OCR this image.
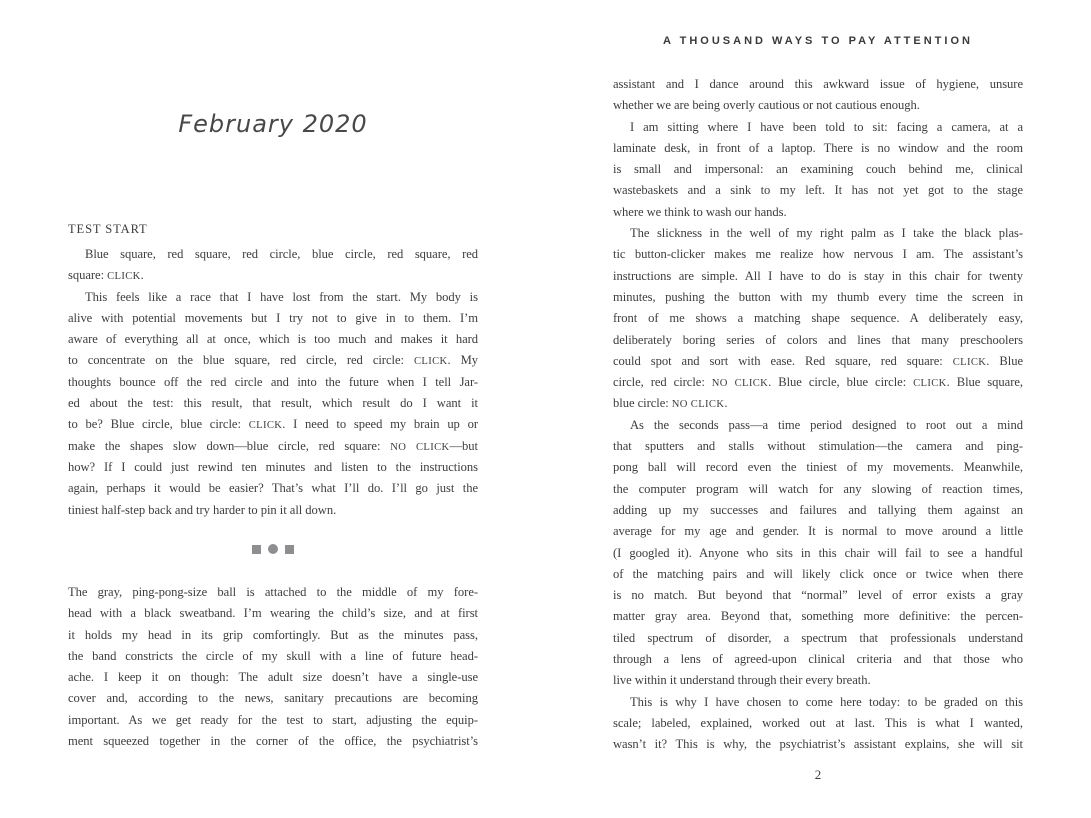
February 2020
TEST START
Blue square, red square, red circle, blue circle, red square, red
square: CLICK.
This feels like a race that I have lost from the start. My body is
alive with potential movements but I try not to give in to them. I’m
aware of everything all at once, which is too much and makes it hard
to concentrate on the blue square, red circle, red circle: CLICK. My
thoughts bounce off the red circle and into the future when I tell Jar-
ed about the test: this result, that result, which result do I want it
to be? Blue circle, blue circle: CLICK. I need to speed my brain up or
make the shapes slow down—blue circle, red square: NO CLICK—but
how? If I could just rewind ten minutes and listen to the instructions
again, perhaps it would be easier? That’s what I’ll do. I’ll go just the
tiniest half-step back and try harder to pin it all down.
The gray, ping-pong-size ball is attached to the middle of my fore-
head with a black sweatband. I’m wearing the child’s size, and at first
it holds my head in its grip comfortingly. But as the minutes pass,
the band constricts the circle of my skull with a line of future head-
ache. I keep it on though: The adult size doesn’t have a single-use
cover and, according to the news, sanitary precautions are becoming
important. As we get ready for the test to start, adjusting the equip-
ment squeezed together in the corner of the office, the psychiatrist’s
A THOUSAND WAYS TO PAY ATTENTION
assistant and I dance around this awkward issue of hygiene, unsure
whether we are being overly cautious or not cautious enough.
I am sitting where I have been told to sit: facing a camera, at a
laminate desk, in front of a laptop. There is no window and the room
is small and impersonal: an examining couch behind me, clinical
wastebaskets and a sink to my left. It has not yet got to the stage
where we think to wash our hands.
The slickness in the well of my right palm as I take the black plas-
tic button-clicker makes me realize how nervous I am. The assistant’s
instructions are simple. All I have to do is stay in this chair for twenty
minutes, pushing the button with my thumb every time the screen in
front of me shows a matching shape sequence. A deliberately easy,
deliberately boring series of colors and lines that many preschoolers
could spot and sort with ease. Red square, red square: CLICK. Blue
circle, red circle: NO CLICK. Blue circle, blue circle: CLICK. Blue square,
blue circle: NO CLICK.
As the seconds pass—a time period designed to root out a mind
that sputters and stalls without stimulation—the camera and ping-
pong ball will record even the tiniest of my movements. Meanwhile,
the computer program will watch for any slowing of reaction times,
adding up my successes and failures and tallying them against an
average for my age and gender. It is normal to move around a little
(I googled it). Anyone who sits in this chair will fail to see a handful
of the matching pairs and will likely click once or twice when there
is no match. But beyond that “normal” level of error exists a gray
matter gray area. Beyond that, something more definitive: the percen-
tiled spectrum of disorder, a spectrum that professionals understand
through a lens of agreed-upon clinical criteria and that those who
live within it understand through their every breath.
This is why I have chosen to come here today: to be graded on this
scale; labeled, explained, worked out at last. This is what I wanted,
wasn’t it? This is why, the psychiatrist’s assistant explains, she will sit
2
